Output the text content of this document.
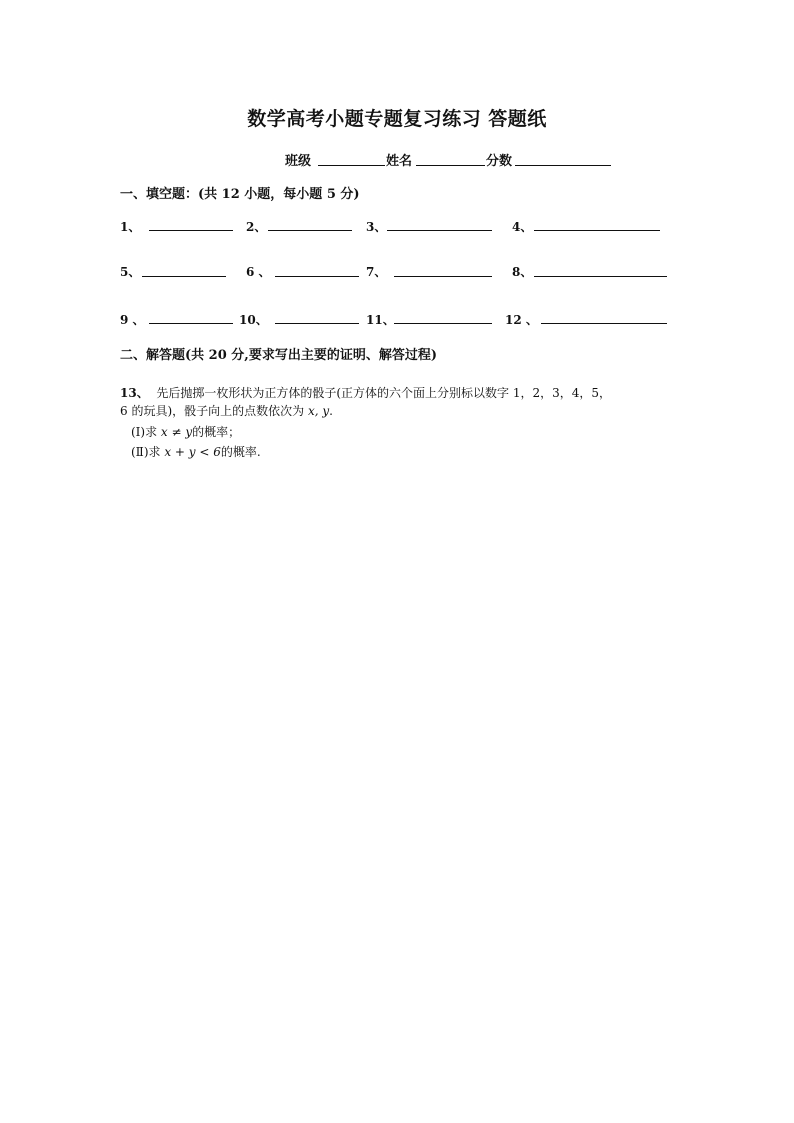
数学高考小题专题复习练习 答题纸
班级	姓名	分数
一、填空题：(共 12 小题，每小题 5 分)
1、	2、	3、	4、
5、	6 、	7、	8、
9 、	10、	11、	12 、
二、解答题(共 20 分,要求写出主要的证明、解答过程)
13、 先后抛掷一枚形状为正方体的骰子(正方体的六个面上分别标以数字 1，2，3，4，5，
6 的玩具)，骰子向上的点数依次为 x, y.
(Ⅰ)求 x ≠ y的概率；
(Ⅱ)求 x + y < 6的概率.
